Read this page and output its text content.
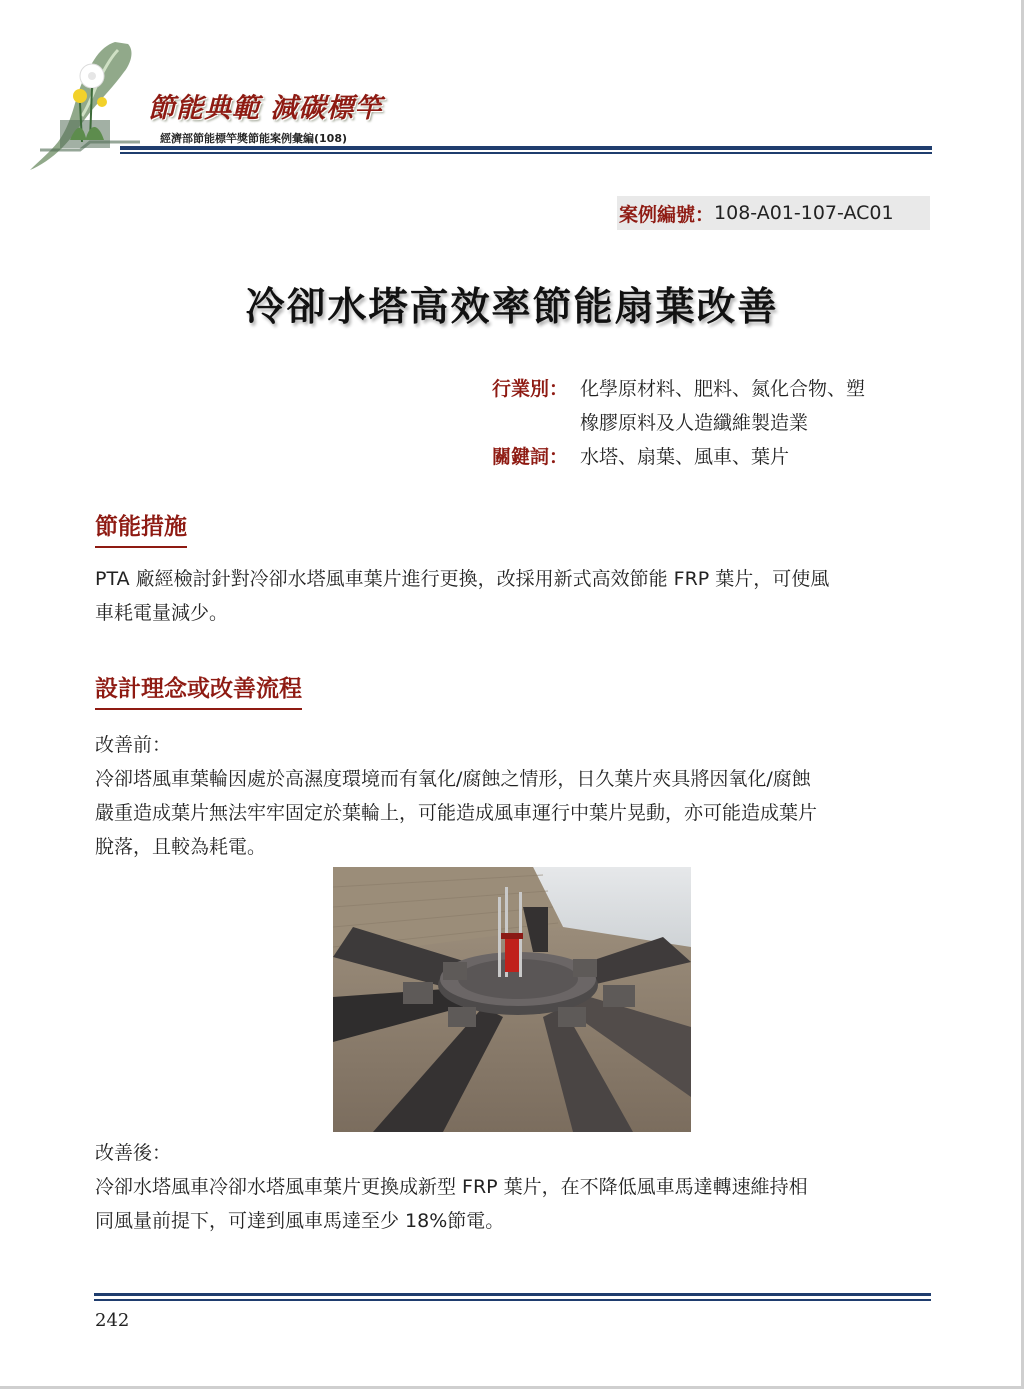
節能典範 減碳標竿
經濟部節能標竿獎節能案例彙編(108)
案例編號： 108-A01-107-AC01
冷卻水塔高效率節能扇葉改善
行業別： 化學原材料、肥料、氮化合物、塑
橡膠原料及人造纖維製造業
關鍵詞： 水塔、扇葉、風車、葉片
節能措施
PTA 廠經檢討針對冷卻水塔風車葉片進行更換，改採用新式高效節能 FRP 葉片，可使風
車耗電量減少。
設計理念或改善流程
改善前：
冷卻塔風車葉輪因處於高濕度環境而有氧化/腐蝕之情形，日久葉片夾具將因氧化/腐蝕
嚴重造成葉片無法牢牢固定於葉輪上，可能造成風車運行中葉片晃動，亦可能造成葉片
脫落，且較為耗電。
改善後：
冷卻水塔風車冷卻水塔風車葉片更換成新型 FRP 葉片，在不降低風車馬達轉速維持相
同風量前提下，可達到風車馬達至少 18%節電。
242
